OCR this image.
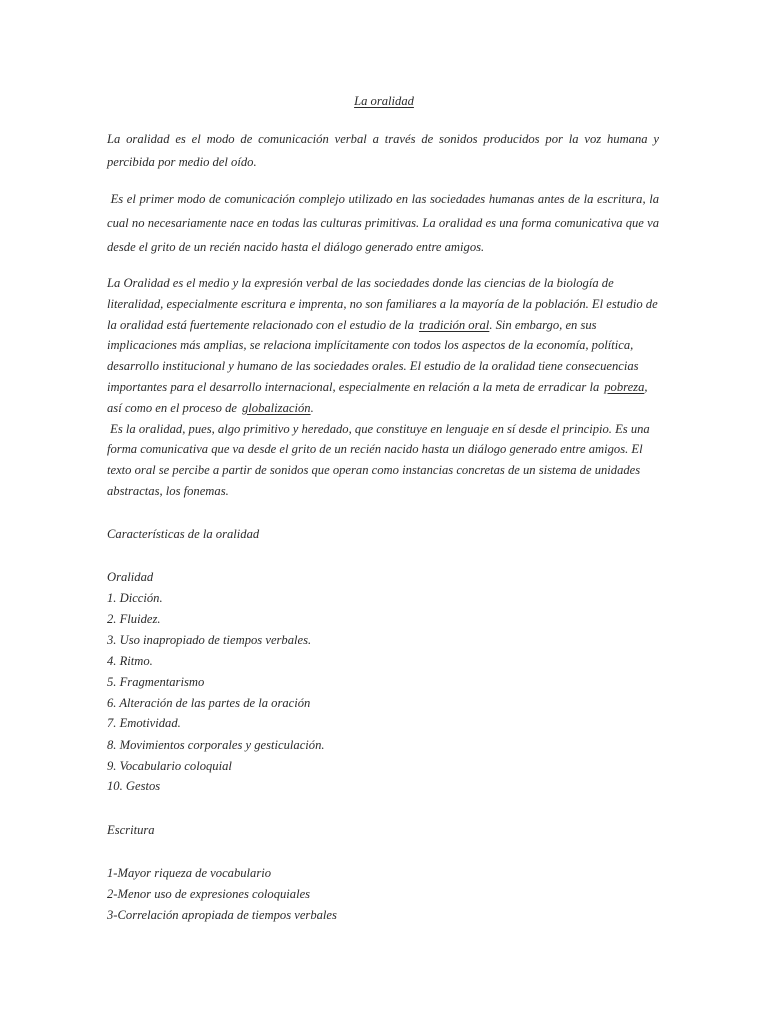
La oralidad
La oralidad es el modo de comunicación verbal a través de sonidos producidos por la voz humana y percibida por medio del oído.
Es el primer modo de comunicación complejo utilizado en las sociedades humanas antes de la escritura, la cual no necesariamente nace en todas las culturas primitivas. La oralidad es una forma comunicativa que va desde el grito de un recién nacido hasta el diálogo generado entre amigos.
La Oralidad es el medio y la expresión verbal de las sociedades donde las ciencias de la biología de literalidad, especialmente escritura e imprenta, no son familiares a la mayoría de la población. El estudio de la oralidad está fuertemente relacionado con el estudio de la tradición oral. Sin embargo, en sus implicaciones más amplias, se relaciona implícitamente con todos los aspectos de la economía, política, desarrollo institucional y humano de las sociedades orales. El estudio de la oralidad tiene consecuencias importantes para el desarrollo internacional, especialmente en relación a la meta de erradicar la pobreza, así como en el proceso de globalización.
Es la oralidad, pues, algo primitivo y heredado, que constituye en lenguaje en sí desde el principio. Es una forma comunicativa que va desde el grito de un recién nacido hasta un diálogo generado entre amigos. El texto oral se percibe a partir de sonidos que operan como instancias concretas de un sistema de unidades abstractas, los fonemas.
Características de la oralidad
Oralidad
1. Dicción.
2. Fluidez.
3. Uso inapropiado de tiempos verbales.
4. Ritmo.
5. Fragmentarismo
6. Alteración de las partes de la oración
7. Emotividad.
8. Movimientos corporales y gesticulación.
9. Vocabulario coloquial
10. Gestos
Escritura
1-Mayor riqueza de vocabulario
2-Menor uso de expresiones coloquiales
3-Correlación apropiada de tiempos verbales
